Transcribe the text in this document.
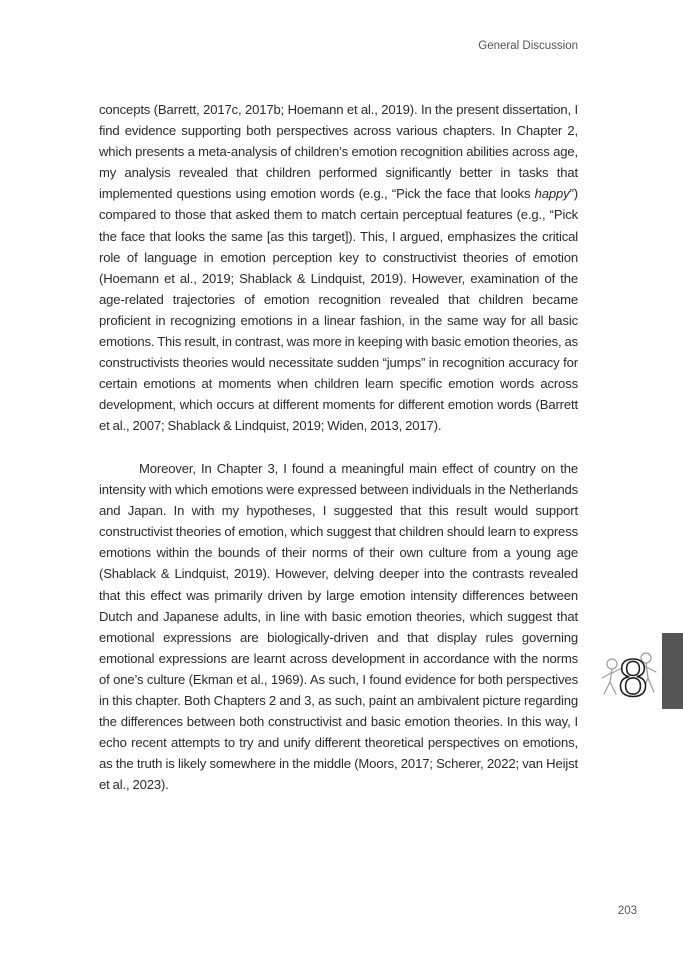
General Discussion

concepts (Barrett, 2017c, 2017b; Hoemann et al., 2019). In the present dissertation, I find evidence supporting both perspectives across various chapters. In Chapter 2, which presents a meta-analysis of children’s emotion recognition abilities across age, my analysis revealed that children performed significantly better in tasks that implemented questions using emotion words (e.g., “Pick the face that looks happy”) compared to those that asked them to match certain perceptual features (e.g., “Pick the face that looks the same [as this target]). This, I argued, emphasizes the critical role of language in emotion perception key to constructivist theories of emotion (Hoemann et al., 2019; Shablack & Lindquist, 2019). However, examination of the age-related trajectories of emotion recognition revealed that children became proficient in recognizing emotions in a linear fashion, in the same way for all basic emotions. This result, in contrast, was more in keeping with basic emotion theories, as constructivists theories would necessitate sudden “jumps” in recognition accuracy for certain emotions at moments when children learn specific emotion words across development, which occurs at different moments for different emotion words (Barrett et al., 2007; Shablack & Lindquist, 2019; Widen, 2013, 2017).

Moreover, In Chapter 3, I found a meaningful main effect of country on the intensity with which emotions were expressed between individuals in the Netherlands and Japan. In with my hypotheses, I suggested that this result would support constructivist theories of emotion, which suggest that children should learn to express emotions within the bounds of their norms of their own culture from a young age (Shablack & Lindquist, 2019). However, delving deeper into the contrasts revealed that this effect was primarily driven by large emotion intensity differences between Dutch and Japanese adults, in line with basic emotion theories, which suggest that emotional expressions are biologically-driven and that display rules governing emotional expressions are learnt across development in accordance with the norms of one’s culture (Ekman et al., 1969). As such, I found evidence for both perspectives in this chapter. Both Chapters 2 and 3, as such, paint an ambivalent picture regarding the differences between both constructivist and basic emotion theories. In this way, I echo recent attempts to try and unify different theoretical perspectives on emotions, as the truth is likely somewhere in the middle (Moors, 2017; Scherer, 2022; van Heijst et al., 2023).

8
203
